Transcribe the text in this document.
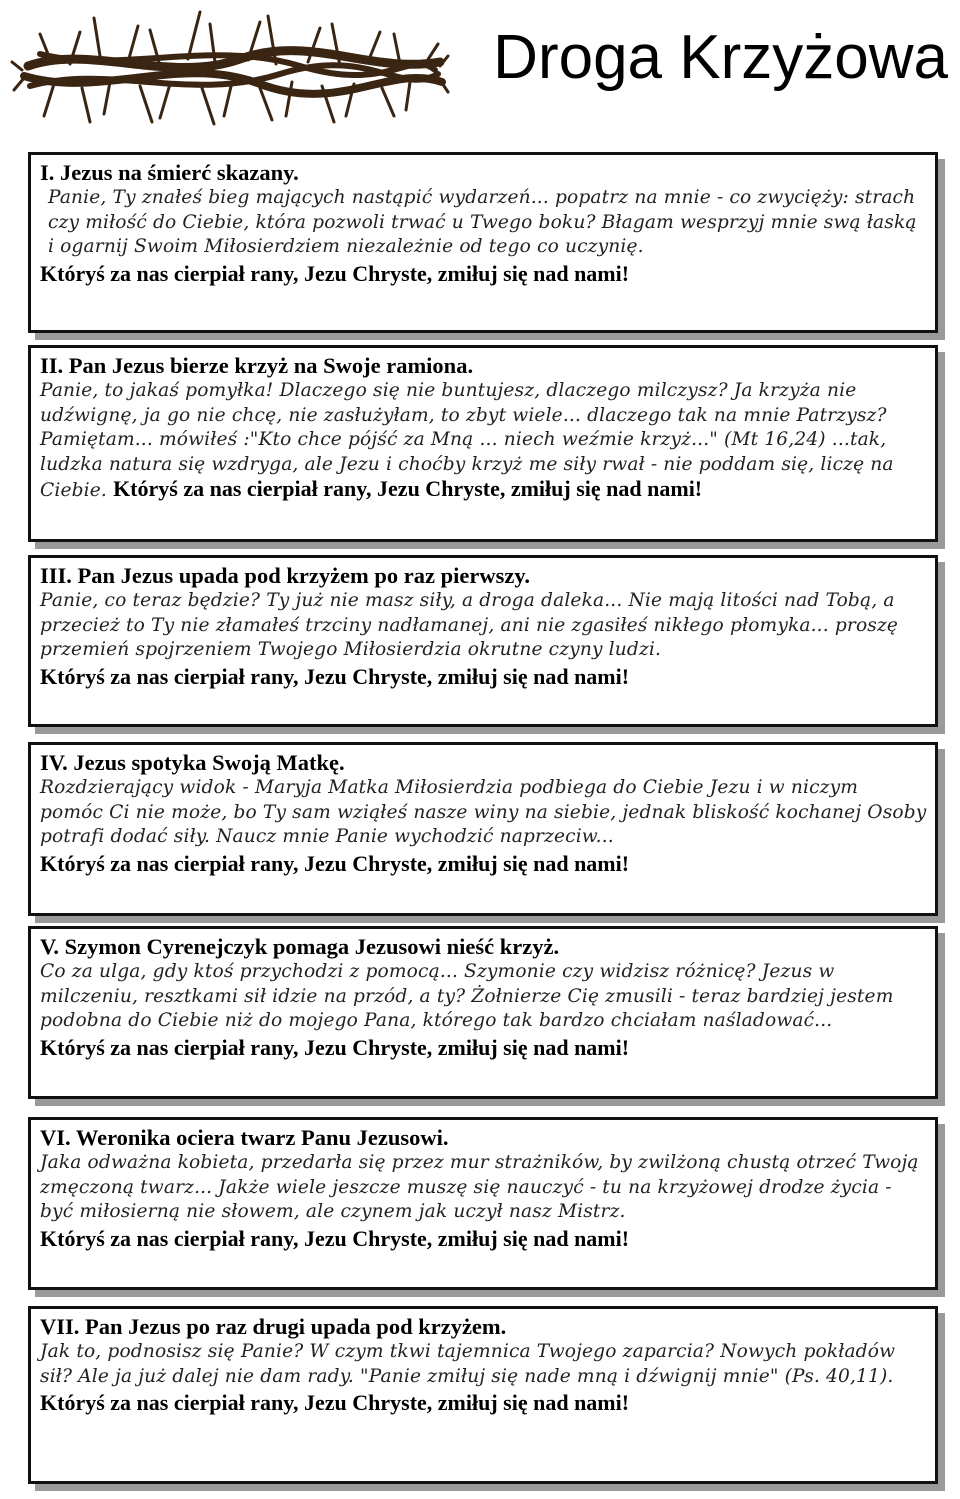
Droga Krzyżowa

I. Jezus na śmierć skazany.

Panie, Ty znałeś bieg mających nastąpić wydarzeń... popatrz na mnie - co zwycięży: strach czy miłość do Ciebie, która pozwoli trwać u Twego boku? Błagam wesprzyj mnie swą łaską i ogarnij Swoim Miłosierdziem niezależnie od tego co uczynię.

Któryś za nas cierpiał rany, Jezu Chryste, zmiłuj się nad nami!

II. Pan Jezus bierze krzyż na Swoje ramiona.

Panie, to jakaś pomyłka! Dlaczego się nie buntujesz, dlaczego milczysz? Ja krzyża nie udźwignę, ja go nie chcę, nie zasłużyłam, to zbyt wiele... dlaczego tak na mnie Patrzysz? Pamiętam... mówiłeś :"Kto chce pójść za Mną ... niech weźmie krzyż..." (Mt 16,24) ...tak, ludzka natura się wzdryga, ale Jezu i choćby krzyż me siły rwał - nie poddam się, liczę na Ciebie. Któryś za nas cierpiał rany, Jezu Chryste, zmiłuj się nad nami!

III. Pan Jezus upada pod krzyżem po raz pierwszy.

Panie, co teraz będzie? Ty już nie masz siły, a droga daleka... Nie mają litości nad Tobą, a przecież to Ty nie złamałeś trzciny nadłamanej, ani nie zgasiłeś nikłego płomyka... proszę przemień spojrzeniem Twojego Miłosierdzia okrutne czyny ludzi.

Któryś za nas cierpiał rany, Jezu Chryste, zmiłuj się nad nami!

IV. Jezus spotyka Swoją Matkę.

Rozdzierający widok - Maryja Matka Miłosierdzia podbiega do Ciebie Jezu i w niczym pomóc Ci nie może, bo Ty sam wziąłeś nasze winy na siebie, jednak bliskość kochanej Osoby potrafi dodać siły. Naucz mnie Panie wychodzić naprzeciw...

Któryś za nas cierpiał rany, Jezu Chryste, zmiłuj się nad nami!

V. Szymon Cyrenejczyk pomaga Jezusowi nieść krzyż.

Co za ulga, gdy ktoś przychodzi z pomocą... Szymonie czy widzisz różnicę? Jezus w milczeniu, resztkami sił idzie na przód, a ty? Żołnierze Cię zmusili - teraz bardziej jestem podobna do Ciebie niż do mojego Pana, którego tak bardzo chciałam naśladować...

Któryś za nas cierpiał rany, Jezu Chryste, zmiłuj się nad nami!

VI. Weronika ociera twarz Panu Jezusowi.

Jaka odważna kobieta, przedarła się przez mur strażników, by zwilżoną chustą otrzeć Twoją zmęczoną twarz... Jakże wiele jeszcze muszę się nauczyć - tu na krzyżowej drodze życia - być miłosierną nie słowem, ale czynem jak uczył nasz Mistrz.

Któryś za nas cierpiał rany, Jezu Chryste, zmiłuj się nad nami!

VII. Pan Jezus po raz drugi upada pod krzyżem.

Jak to, podnosisz się Panie? W czym tkwi tajemnica Twojego zaparcia? Nowych pokładów sił? Ale ja już dalej nie dam rady. "Panie zmiłuj się nade mną i dźwignij mnie" (Ps. 40,11).

Któryś za nas cierpiał rany, Jezu Chryste, zmiłuj się nad nami!
